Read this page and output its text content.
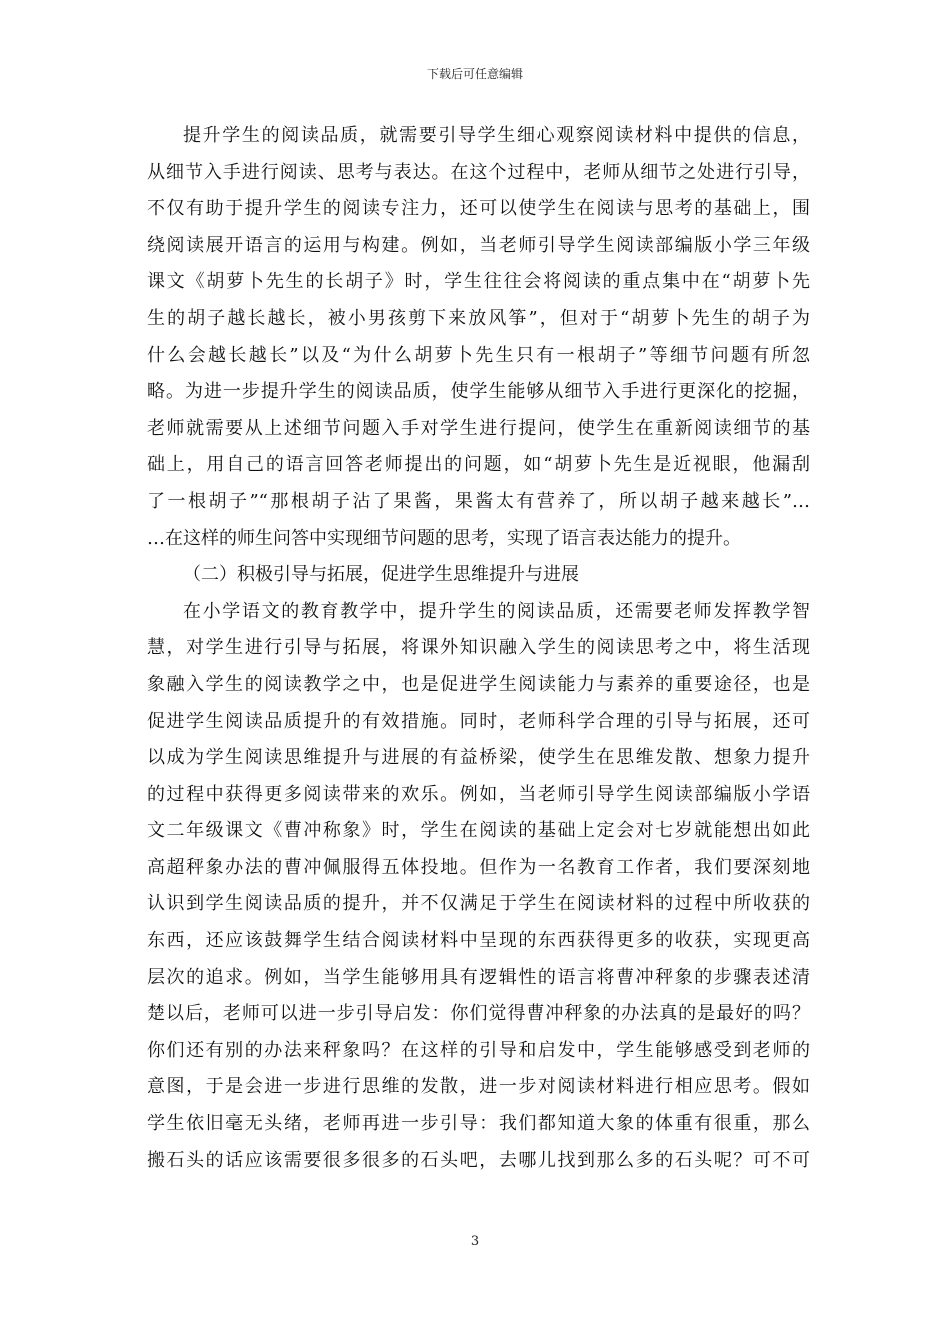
下载后可任意编辑
提升学生的阅读品质，就需要引导学生细心观察阅读材料中提供的信息，
从细节入手进行阅读、思考与表达。在这个过程中，老师从细节之处进行引导，
不仅有助于提升学生的阅读专注力，还可以使学生在阅读与思考的基础上，围
绕阅读展开语言的运用与构建。例如，当老师引导学生阅读部编版小学三年级
课文《胡萝卜先生的长胡子》时，学生往往会将阅读的重点集中在“胡萝卜先
生的胡子越长越长，被小男孩剪下来放风筝”，但对于“胡萝卜先生的胡子为
什么会越长越长”以及“为什么胡萝卜先生只有一根胡子”等细节问题有所忽
略。为进一步提升学生的阅读品质，使学生能够从细节入手进行更深化的挖掘，
老师就需要从上述细节问题入手对学生进行提问，使学生在重新阅读细节的基
础上，用自己的语言回答老师提出的问题，如“胡萝卜先生是近视眼，他漏刮
了一根胡子”“那根胡子沾了果酱，果酱太有营养了，所以胡子越来越长”…
…在这样的师生问答中实现细节问题的思考，实现了语言表达能力的提升。
（二）积极引导与拓展，促进学生思维提升与进展
在小学语文的教育教学中，提升学生的阅读品质，还需要老师发挥教学智
慧，对学生进行引导与拓展，将课外知识融入学生的阅读思考之中，将生活现
象融入学生的阅读教学之中，也是促进学生阅读能力与素养的重要途径，也是
促进学生阅读品质提升的有效措施。同时，老师科学合理的引导与拓展，还可
以成为学生阅读思维提升与进展的有益桥梁，使学生在思维发散、想象力提升
的过程中获得更多阅读带来的欢乐。例如，当老师引导学生阅读部编版小学语
文二年级课文《曹冲称象》时，学生在阅读的基础上定会对七岁就能想出如此
高超秤象办法的曹冲佩服得五体投地。但作为一名教育工作者，我们要深刻地
认识到学生阅读品质的提升，并不仅满足于学生在阅读材料的过程中所收获的
东西，还应该鼓舞学生结合阅读材料中呈现的东西获得更多的收获，实现更高
层次的追求。例如，当学生能够用具有逻辑性的语言将曹冲秤象的步骤表述清
楚以后，老师可以进一步引导启发：你们觉得曹冲秤象的办法真的是最好的吗？
你们还有别的办法来秤象吗？在这样的引导和启发中，学生能够感受到老师的
意图，于是会进一步进行思维的发散，进一步对阅读材料进行相应思考。假如
学生依旧毫无头绪，老师再进一步引导：我们都知道大象的体重有很重，那么
搬石头的话应该需要很多很多的石头吧，去哪儿找到那么多的石头呢？可不可
3
